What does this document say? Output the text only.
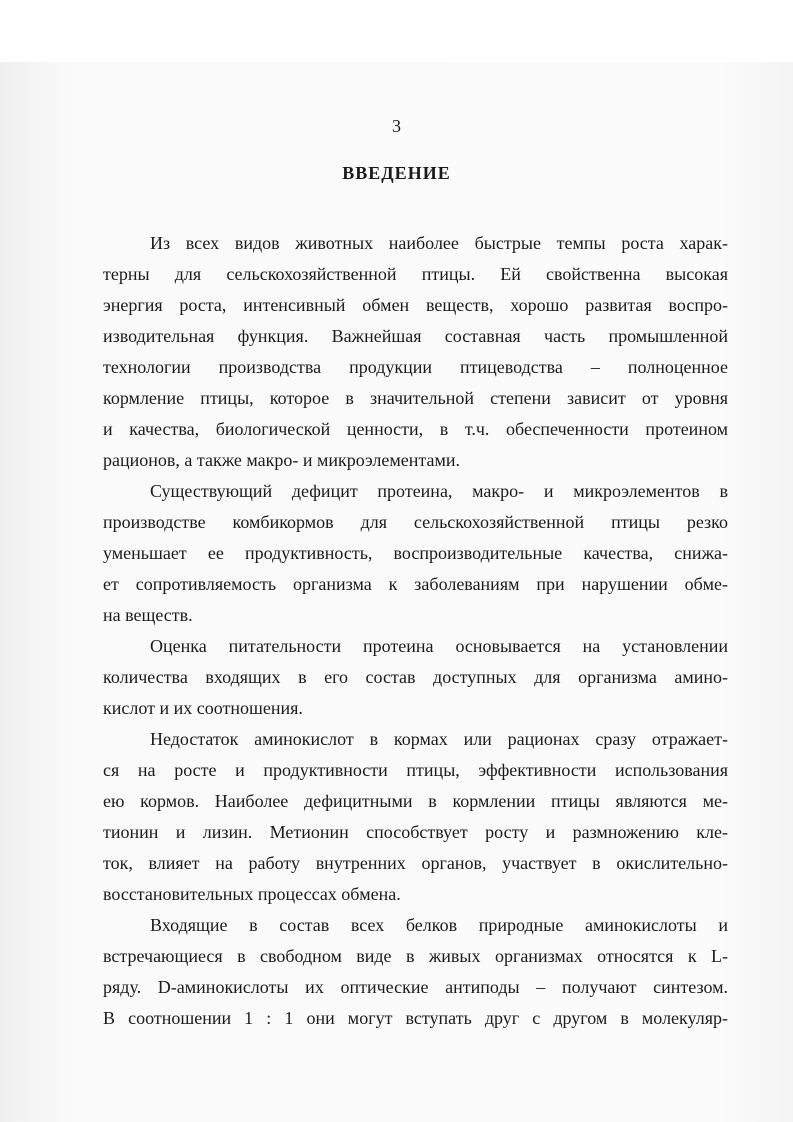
3
ВВЕДЕНИЕ
Из всех видов животных наиболее быстрые темпы роста харак-
терны для сельскохозяйственной птицы. Ей свойственна высокая
энергия роста, интенсивный обмен веществ, хорошо развитая воспро-
изводительная функция. Важнейшая составная часть промышленной
технологии производства продукции птицеводства – полноценное
кормление птицы, которое в значительной степени зависит от уровня
и качества, биологической ценности, в т.ч. обеспеченности протеином
рационов, а также макро- и микроэлементами.
Существующий дефицит протеина, макро- и микроэлементов в
производстве комбикормов для сельскохозяйственной птицы резко
уменьшает ее продуктивность, воспроизводительные качества, снижа-
ет сопротивляемость организма к заболеваниям при нарушении обме-
на веществ.
Оценка питательности протеина основывается на установлении
количества входящих в его состав доступных для организма амино-
кислот и их соотношения.
Недостаток аминокислот в кормах или рационах сразу отражает-
ся на росте и продуктивности птицы, эффективности использования
ею кормов. Наиболее дефицитными в кормлении птицы являются ме-
тионин и лизин. Метионин способствует росту и размножению кле-
ток, влияет на работу внутренних органов, участвует в окислительно-
восстановительных процессах обмена.
Входящие в состав всех белков природные аминокислоты и
встречающиеся в свободном виде в живых организмах относятся к L-
ряду. D-аминокислоты их оптические антиподы – получают синтезом.
В соотношении 1 : 1 они могут вступать друг с другом в молекуляр-
